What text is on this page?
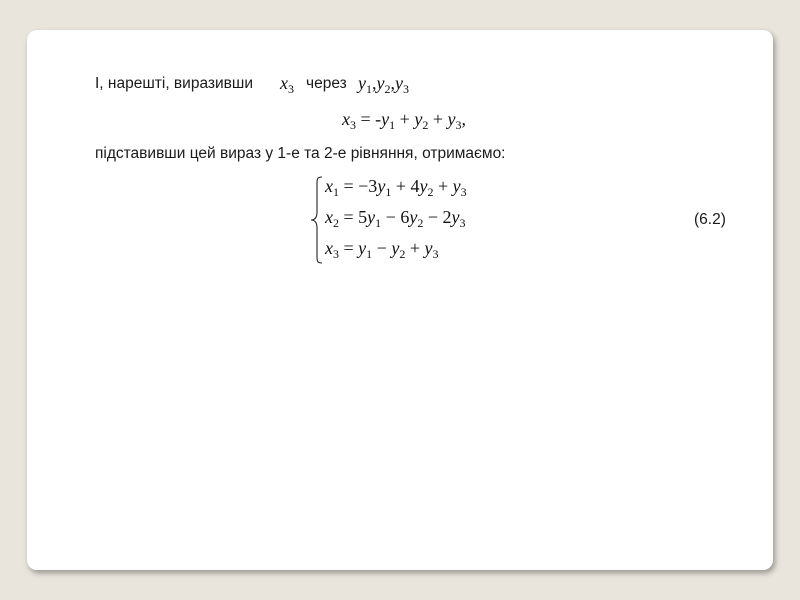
І, нарешті, виразивши $x_3$ через $y_1,y_2,y_3$
$x_3 = -y_1 + y_2 + y_3$,
підставивши цей вираз у 1-е та 2-е рівняння, отримаємо:
$x_1 = -3y_1 + 4y_2 + y_3$
$x_2 = 5y_1 - 6y_2 - 2y_3$
$x_3 = y_1 - y_2 + y_3$
(6.2)
